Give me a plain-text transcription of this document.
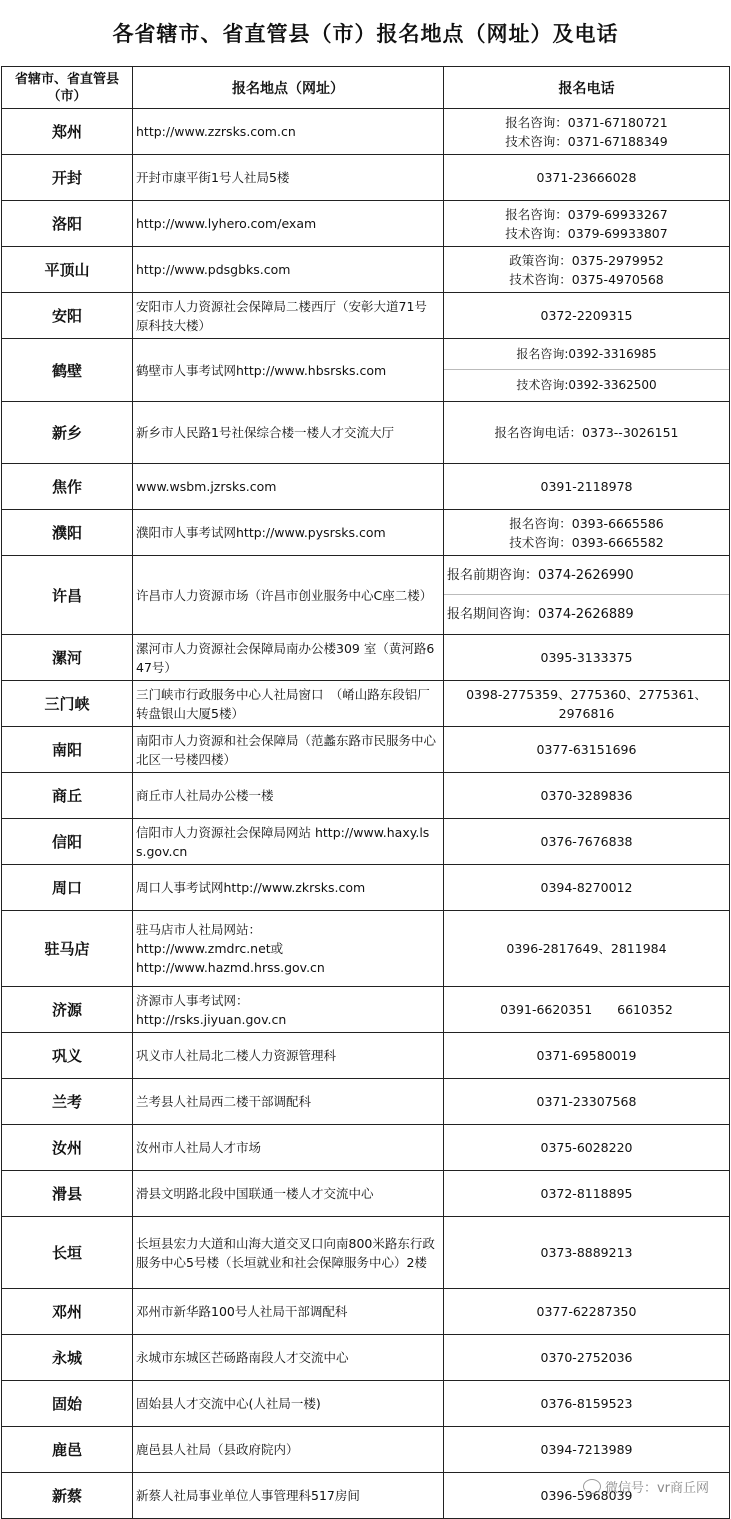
各省辖市、省直管县（市）报名地点（网址）及电话
省辖市、省直管县（市）	报名地点（网址）	报名电话
郑州	http://www.zzrsks.com.cn	报名咨询：0371-67180721
技术咨询：0371-67188349

开封	开封市康平街1号人社局5楼	0371-23666028

洛阳	http://www.lyhero.com/exam	报名咨询：0379-69933267
技术咨询：0379-69933807

平顶山	http://www.pdsgbks.com	政策咨询：0375-2979952
技术咨询：0375-4970568

安阳	安阳市人力资源社会保障局二楼西厅（安彰大道71号原科技大楼）	0372-2209315

鹤壁	鹤壁市人事考试网http://www.hbsrsks.com	报名咨询:0392-3316985
技术咨询:0392-3362500

新乡	新乡市人民路1号社保综合楼一楼人才交流大厅	报名咨询电话：0373--3026151

焦作	www.wsbm.jzrsks.com	0391-2118978

濮阳	濮阳市人事考试网http://www.pysrsks.com	报名咨询：0393-6665586
技术咨询：0393-6665582

许昌	许昌市人力资源市场（许昌市创业服务中心C座二楼）	报名前期咨询：0374-2626990
报名期间咨询：0374-2626889

漯河	漯河市人力资源社会保障局南办公楼309 室（黄河路647号）	0395-3133375

三门峡	三门峡市行政服务中心人社局窗口　（崤山路东段铝厂转盘银山大厦5楼）	0398-2775359、2775360、2775361、2976816

南阳	南阳市人力资源和社会保障局（范蠡东路市民服务中心北区一号楼四楼）	0377-63151696

商丘	商丘市人社局办公楼一楼	0370-3289836

信阳	信阳市人力资源社会保障局网站 http://www.haxy.lss.gov.cn	0376-7676838

周口	周口人事考试网http://www.zkrsks.com	0394-8270012

驻马店	驻马店市人社局网站：
http://www.zmdrc.net或
http://www.hazmd.hrss.gov.cn	0396-2817649、2811984

济源	济源市人事考试网：
http://rsks.jiyuan.gov.cn	0391-6620351　　6610352

巩义	巩义市人社局北二楼人力资源管理科	0371-69580019

兰考	兰考县人社局西二楼干部调配科	0371-23307568

汝州	汝州市人社局人才市场	0375-6028220

滑县	滑县文明路北段中国联通一楼人才交流中心	0372-8118895

长垣	长垣县宏力大道和山海大道交叉口向南800米路东行政服务中心5号楼（长垣就业和社会保障服务中心）2楼	0373-8889213

邓州	邓州市新华路100号人社局干部调配科	0377-62287350

永城	永城市东城区芒砀路南段人才交流中心	0370-2752036

固始	固始县人才交流中心(人社局一楼)	0376-8159523

鹿邑	鹿邑县人社局（县政府院内）	0394-7213989

新蔡	新蔡人社局事业单位人事管理科517房间	0396-5968039
微信号：vr商丘网
